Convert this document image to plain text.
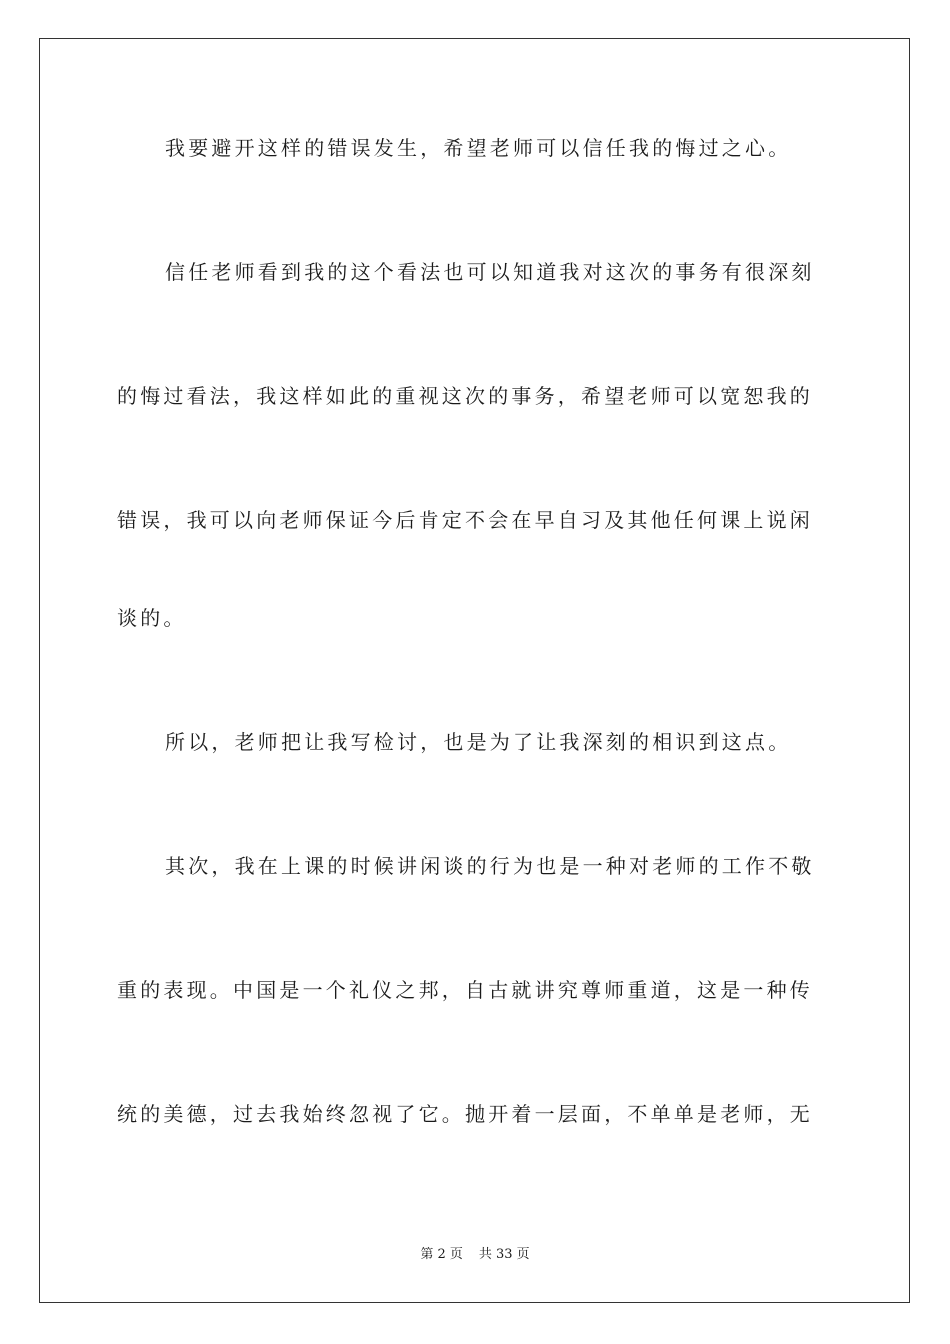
我要避开这样的错误发生，希望老师可以信任我的悔过之心。
信任老师看到我的这个看法也可以知道我对这次的事务有很深刻
的悔过看法，我这样如此的重视这次的事务，希望老师可以宽恕我的
错误，我可以向老师保证今后肯定不会在早自习及其他任何课上说闲
谈的。
所以，老师把让我写检讨，也是为了让我深刻的相识到这点。
其次，我在上课的时候讲闲谈的行为也是一种对老师的工作不敬
重的表现。中国是一个礼仪之邦，自古就讲究尊师重道，这是一种传
统的美德，过去我始终忽视了它。抛开着一层面，不单单是老师，无
第 2 页 共 33 页
